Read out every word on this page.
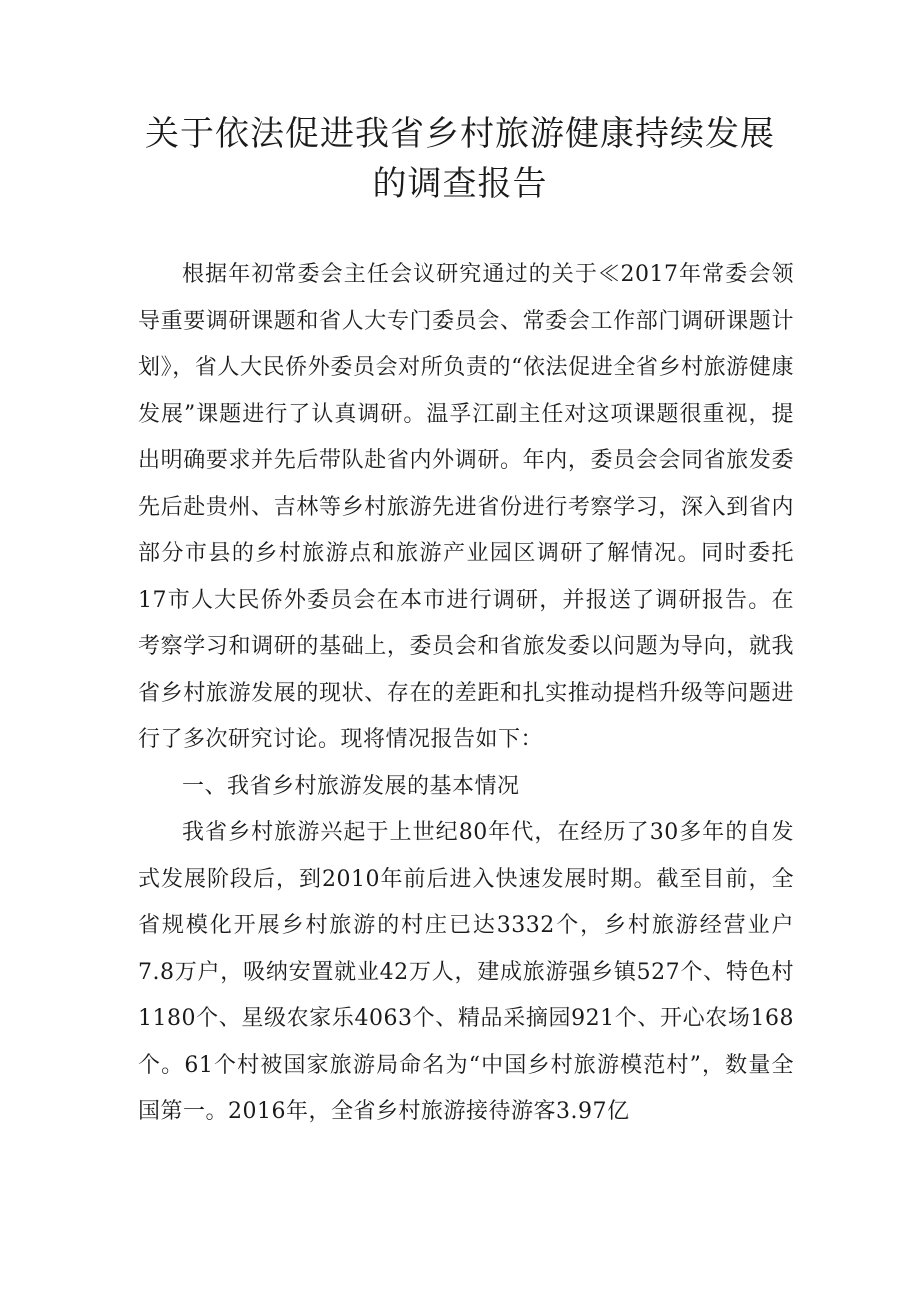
关于依法促进我省乡村旅游健康持续发展
的调查报告

根据年初常委会主任会议研究通过的关于≪2017年常委会领导重要调研课题和省人大专门委员会、常委会工作部门调研课题计划》，省人大民侨外委员会对所负责的“依法促进全省乡村旅游健康发展”课题进行了认真调研。温孚江副主任对这项课题很重视，提出明确要求并先后带队赴省内外调研。年内，委员会会同省旅发委先后赴贵州、吉林等乡村旅游先进省份进行考察学习，深入到省内部分市县的乡村旅游点和旅游产业园区调研了解情况。同时委托17市人大民侨外委员会在本市进行调研，并报送了调研报告。在考察学习和调研的基础上，委员会和省旅发委以问题为导向，就我省乡村旅游发展的现状、存在的差距和扎实推动提档升级等问题进行了多次研究讨论。现将情况报告如下：

一、我省乡村旅游发展的基本情况

我省乡村旅游兴起于上世纪80年代，在经历了30多年的自发式发展阶段后，到2010年前后进入快速发展时期。截至目前，全省规模化开展乡村旅游的村庄已达3332个，乡村旅游经营业户7.8万户，吸纳安置就业42万人，建成旅游强乡镇527个、特色村1180个、星级农家乐4063个、精品采摘园921个、开心农场168个。61个村被国家旅游局命名为“中国乡村旅游模范村”，数量全国第一。2016年，全省乡村旅游接待游客3.97亿
